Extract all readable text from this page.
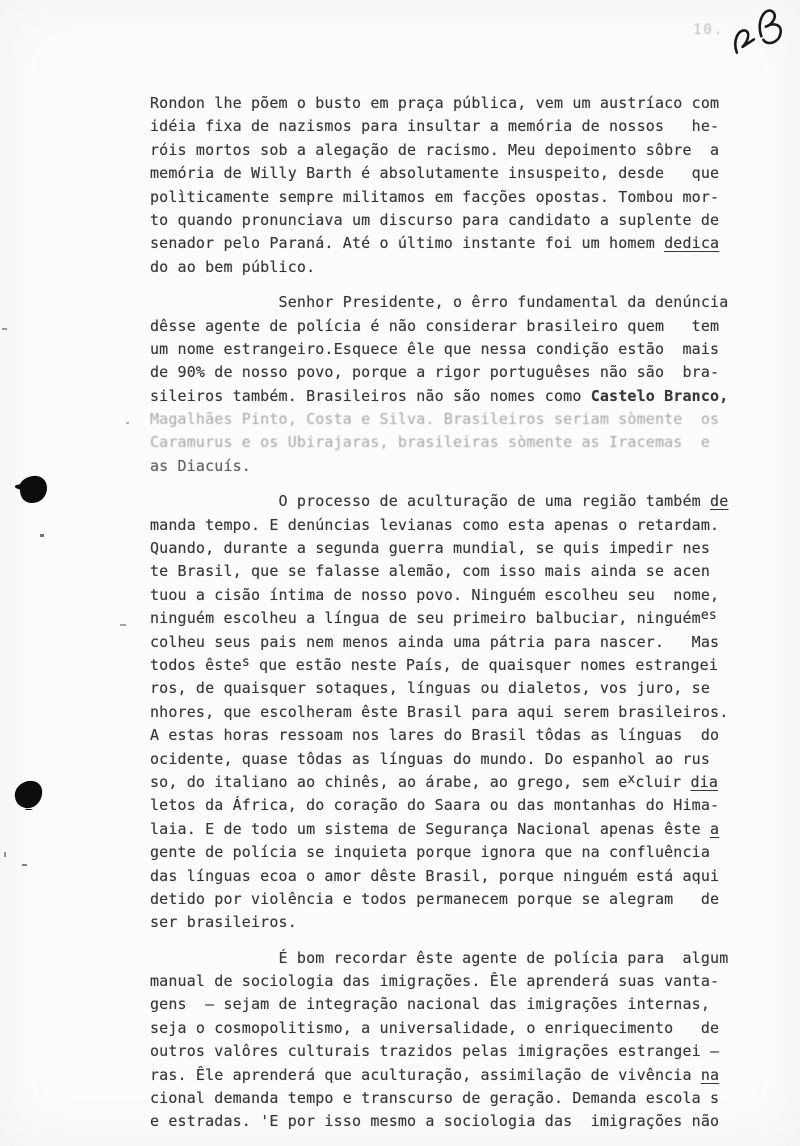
10.
Rondon lhe põem o busto em praça pública, vem um austríaco com
idéia fixa de nazismos para insultar a memória de nossos   he-
róis mortos sob a alegação de racismo. Meu depoimento sôbre  a
memória de Willy Barth é absolutamente insuspeito, desde   que
polìticamente sempre militamos em facções opostas. Tombou mor-
to quando pronunciava um discurso para candidato a suplente de
senador pelo Paraná. Até o último instante foi um homem dedica
do ao bem público.
Senhor Presidente, o êrro fundamental da denúncia
dêsse agente de polícia é não considerar brasileiro quem   tem
um nome estrangeiro.Esquece êle que nessa condição estão  mais
de 90% de nosso povo, porque a rigor portuguêses não são  bra-
sileiros também. Brasileiros não são nomes como Castelo Branco,
Magalhães Pinto, Costa e Silva. Brasileiros seriam sòmente  os
Caramurus e os Ubirajaras, brasileiras sòmente as Iracemas  e
as Diacuís.
O processo de aculturação de uma região também de
manda tempo. E denúncias levianas como esta apenas o retardam.
Quando, durante a segunda guerra mundial, se quis impedir nes
te Brasil, que se falasse alemão, com isso mais ainda se acen
tuou a cisão íntima de nosso povo. Ninguém escolheu seu  nome,
ninguém escolheu a língua de seu primeiro balbuciar, ninguémes
colheu seus pais nem menos ainda uma pátria para nascer.   Mas
todos êstes que estão neste País, de quaisquer nomes estrangei
ros, de quaisquer sotaques, línguas ou dialetos, vos juro, se
nhores, que escolheram êste Brasil para aqui serem brasileiros.
A estas horas ressoam nos lares do Brasil tôdas as línguas  do
ocidente, quase tôdas as línguas do mundo. Do espanhol ao rus
so, do italiano ao chinês, ao árabe, ao grego, sem excluir dia
letos da África, do coração do Saara ou das montanhas do Hima-
laia. E de todo um sistema de Segurança Nacional apenas êste a
gente de polícia se inquieta porque ignora que na confluência
das línguas ecoa o amor dêste Brasil, porque ninguém está aqui
detido por violência e todos permanecem porque se alegram   de
ser brasileiros.
É bom recordar êste agente de polícia para  algum
manual de sociologia das imigrações. Êle aprenderá suas vanta-
gens  — sejam de integração nacional das imigrações internas,
seja o cosmopolitismo, a universalidade, o enriquecimento   de
outros valôres culturais trazidos pelas imigrações estrangei —
ras. Êle aprenderá que aculturação, assimilação de vivência na
cional demanda tempo e transcurso de geração. Demanda escola s
e estradas. 'E por isso mesmo a sociologia das  imigrações não
